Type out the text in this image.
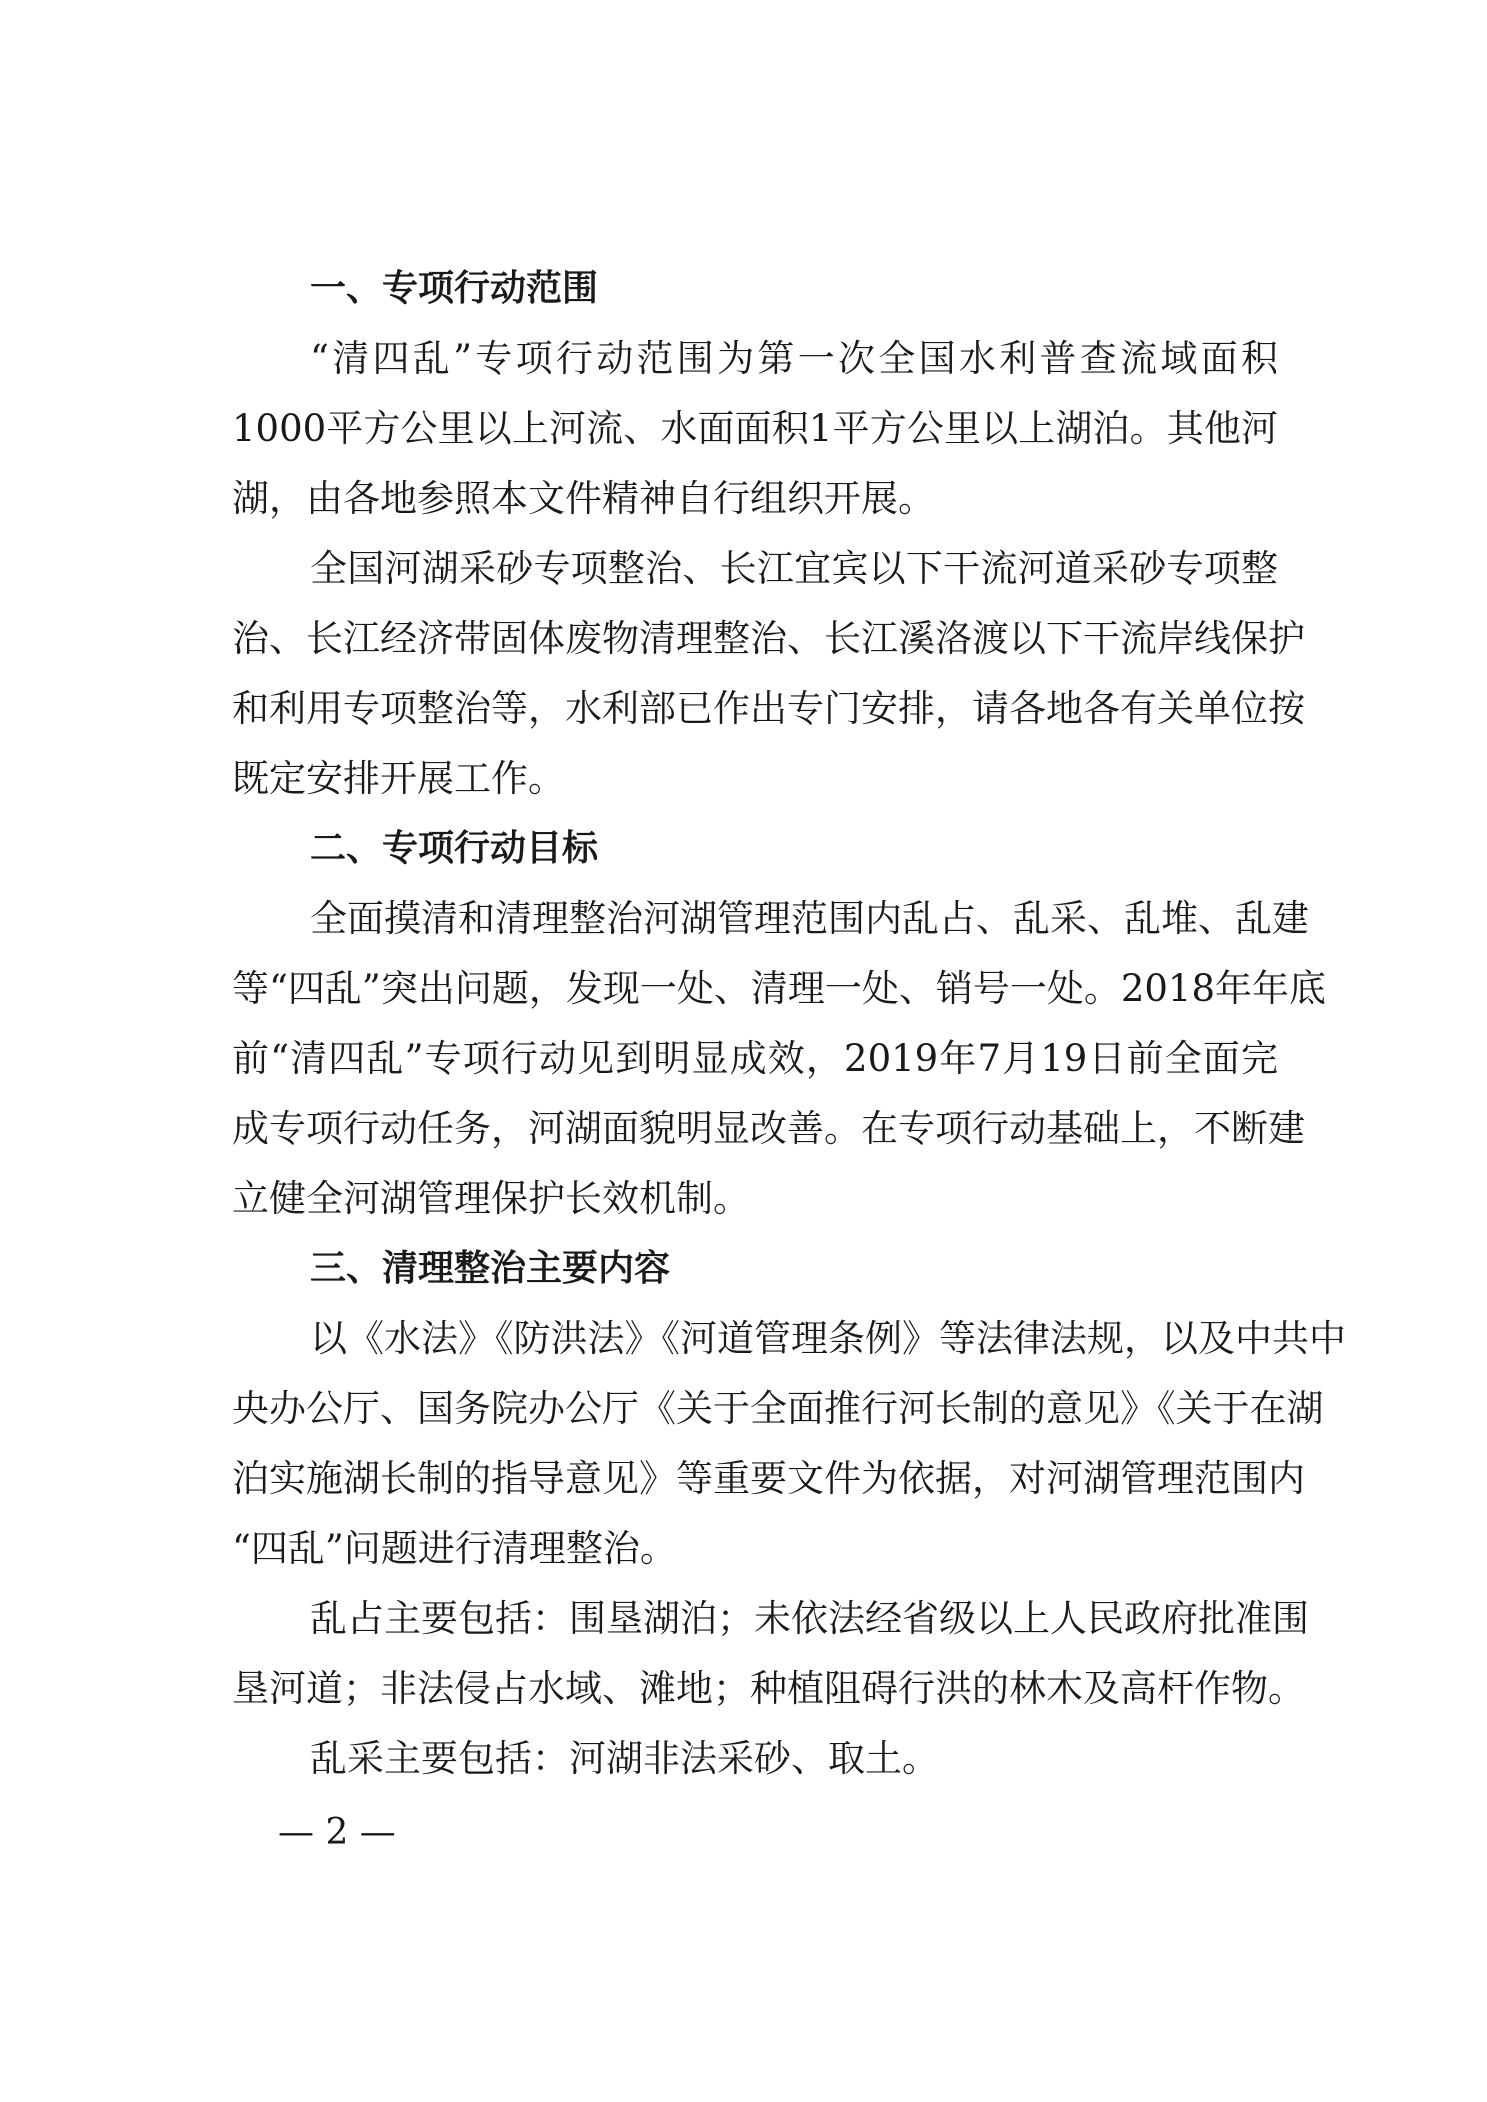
一、专项行动范围
“清四乱”专项行动范围为第一次全国水利普查流域面积
1000平方公里以上河流、水面面积1平方公里以上湖泊。其他河
湖，由各地参照本文件精神自行组织开展。
全国河湖采砂专项整治、长江宜宾以下干流河道采砂专项整
治、长江经济带固体废物清理整治、长江溪洛渡以下干流岸线保护
和利用专项整治等，水利部已作出专门安排，请各地各有关单位按
既定安排开展工作。
二、专项行动目标
全面摸清和清理整治河湖管理范围内乱占、乱采、乱堆、乱建
等“四乱”突出问题，发现一处、清理一处、销号一处。2018年年底
前“清四乱”专项行动见到明显成效，2019年7月19日前全面完
成专项行动任务，河湖面貌明显改善。在专项行动基础上，不断建
立健全河湖管理保护长效机制。
三、清理整治主要内容
以《水法》《防洪法》《河道管理条例》等法律法规，以及中共中
央办公厅、国务院办公厅《关于全面推行河长制的意见》《关于在湖
泊实施湖长制的指导意见》等重要文件为依据，对河湖管理范围内
“四乱”问题进行清理整治。
乱占主要包括：围垦湖泊；未依法经省级以上人民政府批准围
垦河道；非法侵占水域、滩地；种植阻碍行洪的林木及高杆作物。
乱采主要包括：河湖非法采砂、取土。
— 2 —
